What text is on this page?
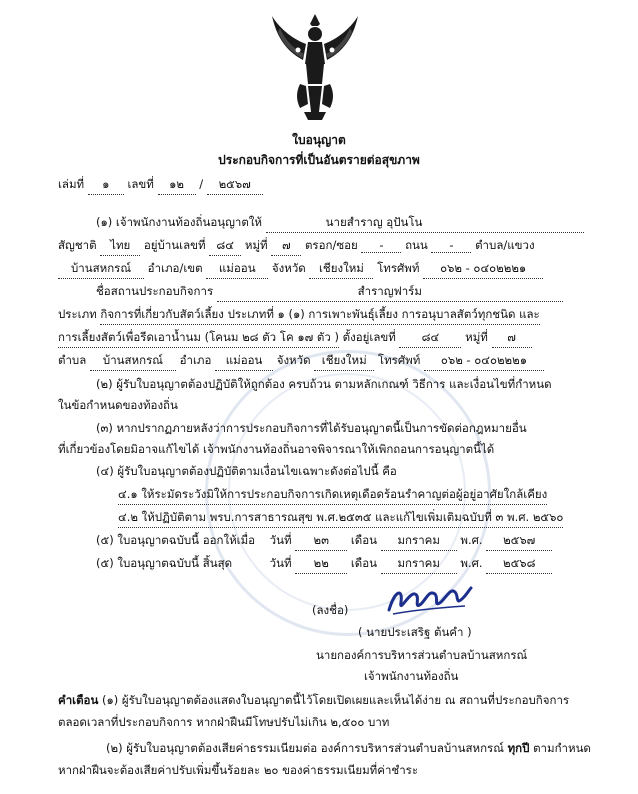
ใบอนุญาต
ประกอบกิจการที่เป็นอันตรายต่อสุขภาพ
เล่มที่ ๑ เลขที่ ๑๒ / ๒๕๖๗
(๑) เจ้าพนักงานท้องถิ่นอนุญาตให้	นายสำราญ อุปันโน
สัญชาติ ไทย อยู่บ้านเลขที่ ๘๔ หมู่ที่ ๗ ตรอก/ซอย - ถนน - ตำบล/แขวง
บ้านสหกรณ์ อำเภอ/เขต แม่ออน จังหวัด เชียงใหม่ โทรศัพท์ ๐๖๒ - ๐๔๐๒๒๒๑
ชื่อสถานประกอบกิจการ	สำราญฟาร์ม
ประเภท กิจการที่เกี่ยวกับสัตว์เลี้ยง ประเภทที่ ๑ (๑) การเพาะพันธุ์เลี้ยง การอนุบาลสัตว์ทุกชนิด และ
การเลี้ยงสัตว์เพื่อรีดเอาน้ำนม (โคนม ๒๘ ตัว โค ๑๗ ตัว ) ตั้งอยู่เลขที่ ๘๔ หมู่ที่ ๗
ตำบล บ้านสหกรณ์ อำเภอ แม่ออน จังหวัด เชียงใหม่ โทรศัพท์ ๐๖๒ - ๐๔๐๒๒๒๑
(๒) ผู้รับใบอนุญาตต้องปฏิบัติให้ถูกต้อง ครบถ้วน ตามหลักเกณฑ์ วิธีการ และเงื่อนไขที่กำหนด
ในข้อกำหนดของท้องถิ่น
(๓) หากปรากฏภายหลังว่าการประกอบกิจการที่ได้รับอนุญาตนี้เป็นการขัดต่อกฎหมายอื่น
ที่เกี่ยวข้องโดยมิอาจแก้ไขได้ เจ้าพนักงานท้องถิ่นอาจพิจารณาให้เพิกถอนการอนุญาตนี้ได้
(๔) ผู้รับใบอนุญาตต้องปฏิบัติตามเงื่อนไขเฉพาะดังต่อไปนี้ คือ
๔.๑ ให้ระมัดระวังมิให้การประกอบกิจการเกิดเหตุเดือดร้อนรำคาญต่อผู้อยู่อาศัยใกล้เคียง
๔.๒ ให้ปฏิบัติตาม พรบ.การสาธารณสุข พ.ศ.๒๕๓๕ และแก้ไขเพิ่มเติมฉบับที่ ๓ พ.ศ. ๒๕๖๐
(๕) ใบอนุญาตฉบับนี้ ออกให้เมื่อ วันที่ ๒๓ เดือน มกราคม พ.ศ. ๒๕๖๗
(๕) ใบอนุญาตฉบับนี้ สิ้นสุด	วันที่ ๒๒ เดือน มกราคม พ.ศ. ๒๕๖๘
(ลงชื่อ)
( นายประเสริฐ ต้นคำ )
นายกองค์การบริหารส่วนตำบลบ้านสหกรณ์
เจ้าพนักงานท้องถิ่น
คำเตือน (๑) ผู้รับใบอนุญาตต้องแสดงใบอนุญาตนี้ไว้โดยเปิดเผยและเห็นได้ง่าย ณ สถานที่ประกอบกิจการ
ตลอดเวลาที่ประกอบกิจการ หากฝ่าฝืนมีโทษปรับไม่เกิน ๒,๕๐๐ บาท
(๒) ผู้รับใบอนุญาตต้องเสียค่าธรรมเนียมต่อ องค์การบริหารส่วนตำบลบ้านสหกรณ์ ทุกปี ตามกำหนด
หากฝ่าฝืนจะต้องเสียค่าปรับเพิ่มขึ้นร้อยละ ๒๐ ของค่าธรรมเนียมที่ค่าชำระ
